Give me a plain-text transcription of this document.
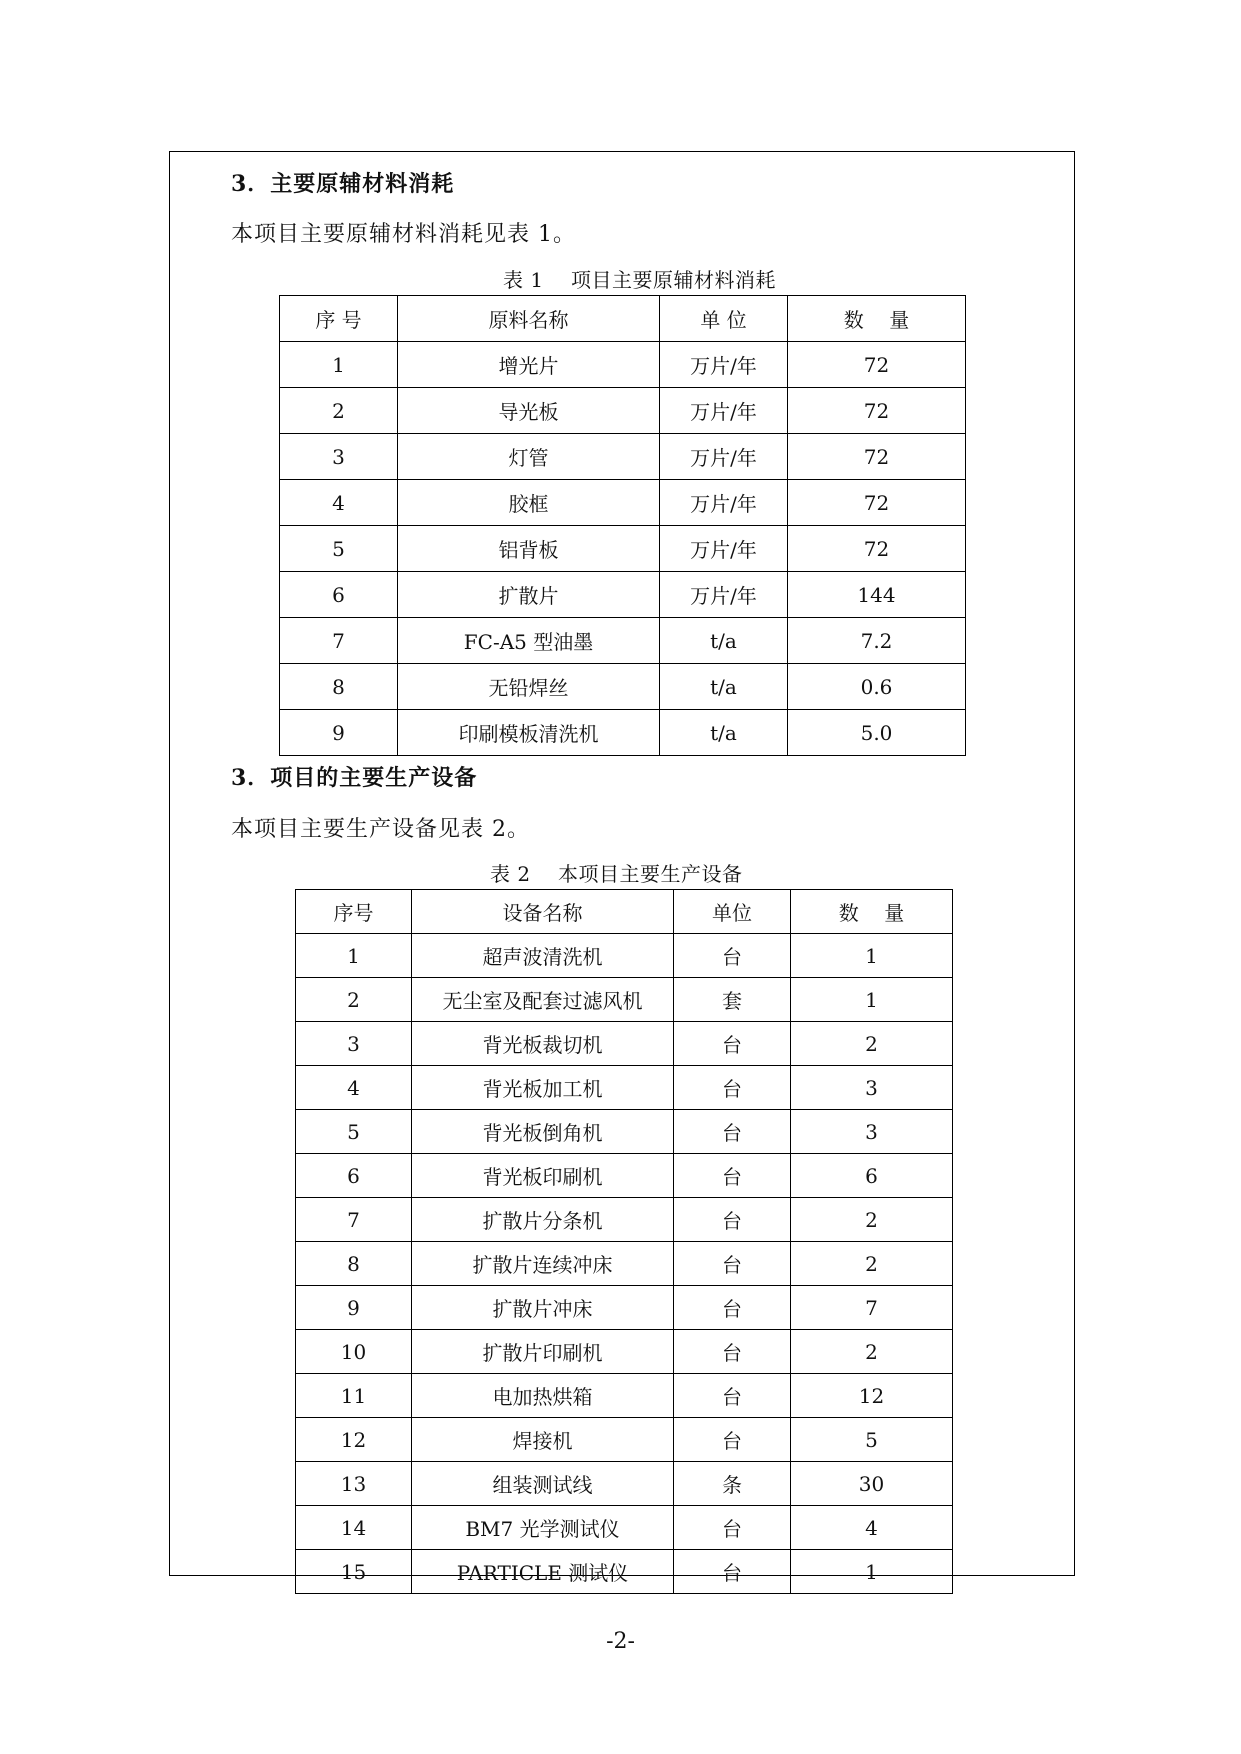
3．主要原辅材料消耗
本项目主要原辅材料消耗见表 1。
表 1    项目主要原辅材料消耗
序 号	原料名称	单 位	数    量
1	增光片	万片/年	72
2	导光板	万片/年	72
3	灯管	万片/年	72
4	胶框	万片/年	72
5	铝背板	万片/年	72
6	扩散片	万片/年	144
7	FC-A5 型油墨	t/a	7.2
8	无铅焊丝	t/a	0.6
9	印刷模板清洗机	t/a	5.0
3．项目的主要生产设备
本项目主要生产设备见表 2。
表 2    本项目主要生产设备
序号	设备名称	单位	数    量
1	超声波清洗机	台	1
2	无尘室及配套过滤风机	套	1
3	背光板裁切机	台	2
4	背光板加工机	台	3
5	背光板倒角机	台	3
6	背光板印刷机	台	6
7	扩散片分条机	台	2
8	扩散片连续冲床	台	2
9	扩散片冲床	台	7
10	扩散片印刷机	台	2
11	电加热烘箱	台	12
12	焊接机	台	5
13	组装测试线	条	30
14	BM7 光学测试仪	台	4
15	PARTICLE 测试仪	台	1
-2-
